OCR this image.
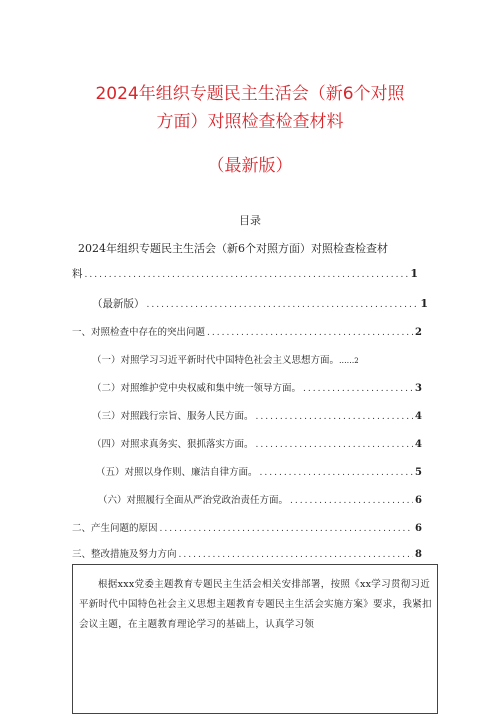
2024年组织专题民主生活会（新6个对照
方面）对照检查检查材料
（最新版）
目录
2024年组织专题民主生活会（新6个对照方面）对照检查检查材
料 .....	1
（最新版） .....	1
一、对照检查中存在的突出问题 .....	2
（一）对照学习习近平新时代中国特色社会主义思想方面。 ...... 2
（二）对照维护党中央权威和集中统一领导方面。 .....	3
（三）对照践行宗旨、服务人民方面。 .....	4
（四）对照求真务实、狠抓落实方面。 .....	4
（五）对照以身作则、廉洁自律方面。 .....	5
（六）对照履行全面从严治党政治责任方面。 .....	6
二、产生问题的原因 .....	6
三、整改措施及努力方向 .....	8
根据xxx党委主题教育专题民主生活会相关安排部署，按照《xx学习贯彻习近平新时代中国特色社会主义思想主题教育专题民主生活会实施方案》要求，我紧扣会议主题，在主题教育理论学习的基础上，认真学习领
